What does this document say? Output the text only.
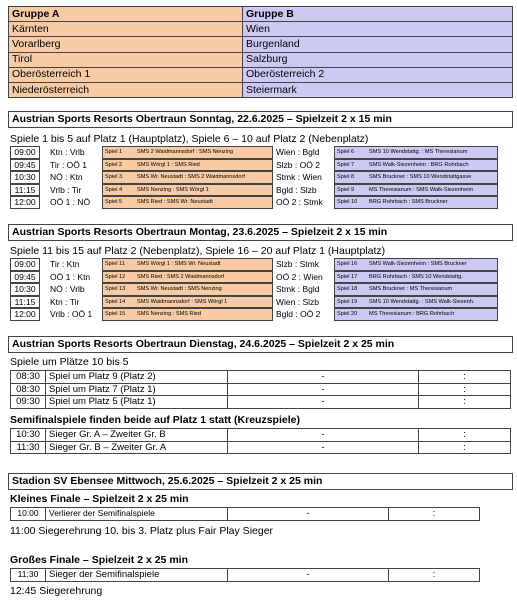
Gruppe A	Gruppe B
Kärnten	Wien
Vorarlberg	Burgenland
Tirol	Salzburg
Oberösterreich 1	Oberösterreich 2
Niederösterreich	Steiermark
Austrian Sports Resorts Obertraun Sonntag, 22.6.2025 – Spielzeit 2 x 15 min
Spiele 1 bis 5 auf Platz 1 (Hauptplatz), Spiele 6 – 10 auf Platz 2 (Nebenplatz)
09:00	Ktn : Vrlb	Spiel 1	SMS 2 Waidmannsdorf : SMS Nenzing	Wien : Bgld	Spiel 6	SMS 10 Wendstattg. : MS Theresianum
09:45	Tir : OÖ 1	Spiel 2	SMS Wörgl 1 : SMS Ried	Slzb : OÖ 2	Spiel 7	SMS Walk-Siezenheim : BRG Rohrbach
10:30	NÖ : Ktn	Spiel 3	SMS Wr. Neustadt : SMS 2 Waidmannsdorf	Stmk : Wien	Spiel 8	SMS Bruckner : SMS 10 Wendstattgasse
11:15	Vrlb : Tir	Spiel 4	SMS Nenzing : SMS Wörgl 1	Bgld : Slzb	Spiel 9	MS Theresianum : SMS Walk-Siezenheim
12:00	OÖ 1 : NÖ	Spiel 5	SMS Ried : SMS Wr. Neustadt	OÖ 2 : Stmk	Spiel 10 BRG Rohrbach : SMS Bruckner
Austrian Sports Resorts Obertraun Montag, 23.6.2025 – Spielzeit 2 x 15 min
Spiele 11 bis 15 auf Platz 2 (Nebenplatz), Spiele 16 – 20 auf Platz 1 (Hauptplatz)
09:00	Tir : Ktn	Spiel 11 SMS Wörgl 1 : SMS Wr. Neustadt	Slzb : Stmk	Spiel 16 SMS Walk-Siezenheim : SMS Bruckner
09:45	OÖ 1 : Ktn	Spiel 12 SMS Ried : SMS 2 Waidmannsdorf	OÖ 2 : Wien	Spiel 17 BRG Rohrbach : SMS 10 Wendstattg.
10:30	NÖ : Vrlb	Spiel 13 SMS Wr. Neustadt : SMS Nenzing	Stmk : Bgld	Spiel 18 SMS Bruckner : MS Theresianum
11:15	Ktn : Tir	Spiel 14 SMS Waidmannsdorf : SMS Wörgl 1	Wien : Slzb	Spiel 19 SMS 10 Wendstattg. : SMS Walk-Siezenh.
12:00	Vrlb : OÖ 1	Spiel 15 SMS Nenzing : SMS Ried	Bgld : OÖ 2	Spiel 20 MS Theresianum : BRG Rohrbach
Austrian Sports Resorts Obertraun Dienstag, 24.6.2025 – Spielzeit 2 x 25 min
Spiele um Plätze 10 bis 5
08:30	Spiel um Platz 9 (Platz 2)	-	:
08:30	Spiel um Platz 7 (Platz 1)	-	:
09:30	Spiel um Platz 5 (Platz 1)	-	:
Semifinalspiele finden beide auf Platz 1 statt (Kreuzspiele)
10:30	Sieger Gr. A – Zweiter Gr. B	-	:
11:30	Sieger Gr. B – Zweiter Gr. A	-	:
Stadion SV Ebensee Mittwoch, 25.6.2025 – Spielzeit 2 x 25 min
Kleines Finale – Spielzeit 2 x 25 min
10:00	Verlierer der Semifinalspiele	-	:
11:00 Siegerehrung 10. bis 3. Platz plus Fair Play Sieger
Großes Finale – Spielzeit 2 x 25 min
11:30	Sieger der Semifinalspiele	-	:
12:45 Siegerehrung
